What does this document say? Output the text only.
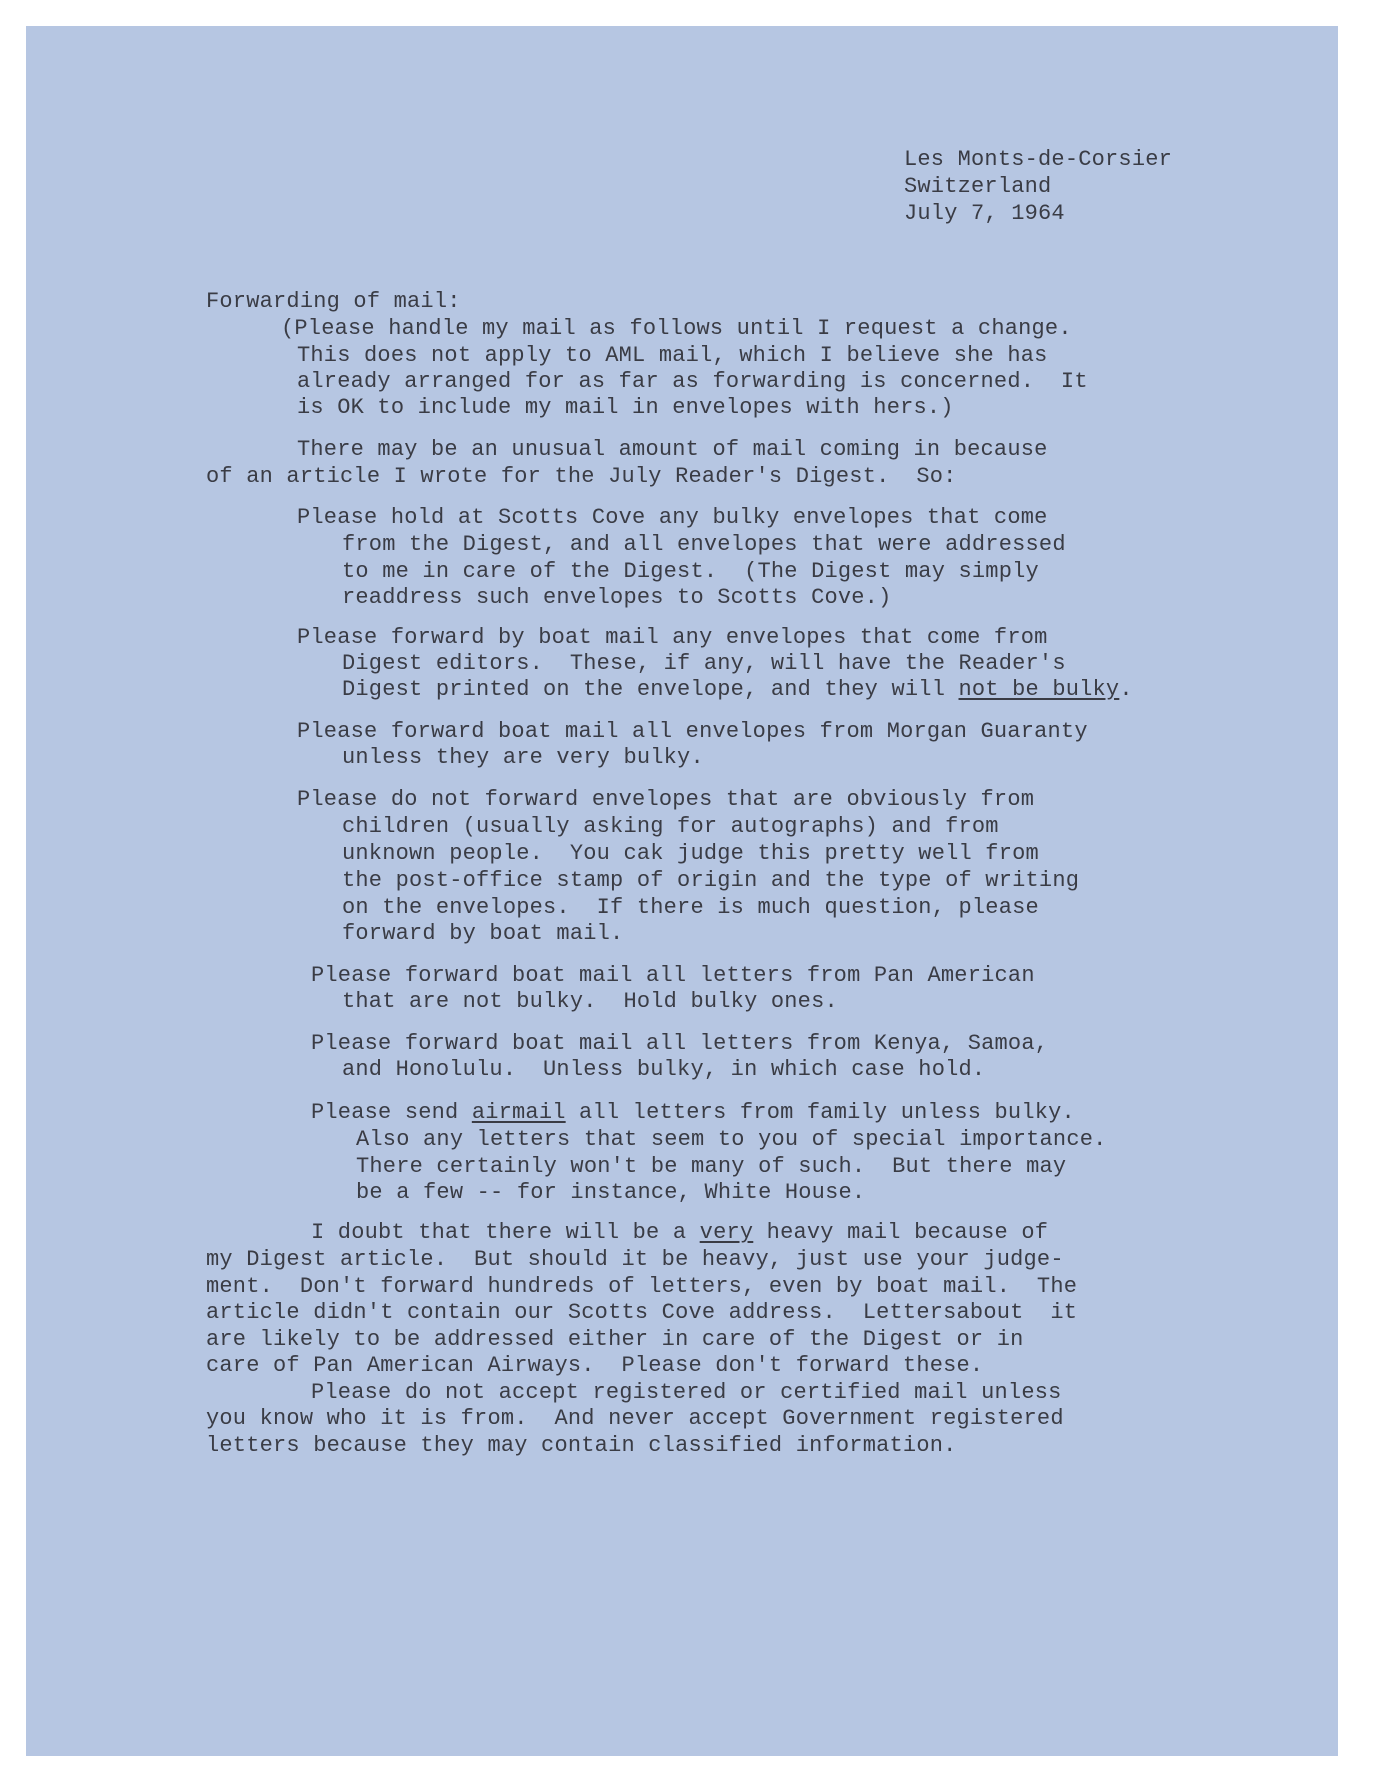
Les Monts-de-Corsier

Switzerland

July 7, 1964

Forwarding of mail:

(Please handle my mail as follows until I request a change.

This does not apply to AML mail, which I believe she has

already arranged for as far as forwarding is concerned.  It

is OK to include my mail in envelopes with hers.)

There may be an unusual amount of mail coming in because

of an article I wrote for the July Reader's Digest.  So:

Please hold at Scotts Cove any bulky envelopes that come

from the Digest, and all envelopes that were addressed

to me in care of the Digest.  (The Digest may simply

readdress such envelopes to Scotts Cove.)

Please forward by boat mail any envelopes that come from

Digest editors.  These, if any, will have the Reader's

Digest printed on the envelope, and they will not be bulky.

Please forward boat mail all envelopes from Morgan Guaranty

unless they are very bulky.

Please do not forward envelopes that are obviously from

children (usually asking for autographs) and from

unknown people.  You cak judge this pretty well from

the post-office stamp of origin and the type of writing

on the envelopes.  If there is much question, please

forward by boat mail.

Please forward boat mail all letters from Pan American

that are not bulky.  Hold bulky ones.

Please forward boat mail all letters from Kenya, Samoa,

and Honolulu.  Unless bulky, in which case hold.

Please send airmail all letters from family unless bulky.

Also any letters that seem to you of special importance.

There certainly won't be many of such.  But there may

be a few -- for instance, White House.

I doubt that there will be a very heavy mail because of

my Digest article.  But should it be heavy, just use your judge-

ment.  Don't forward hundreds of letters, even by boat mail.  The

article didn't contain our Scotts Cove address.  Lettersabout  it

are likely to be addressed either in care of the Digest or in

care of Pan American Airways.  Please don't forward these.

Please do not accept registered or certified mail unless

you know who it is from.  And never accept Government registered

letters because they may contain classified information.
